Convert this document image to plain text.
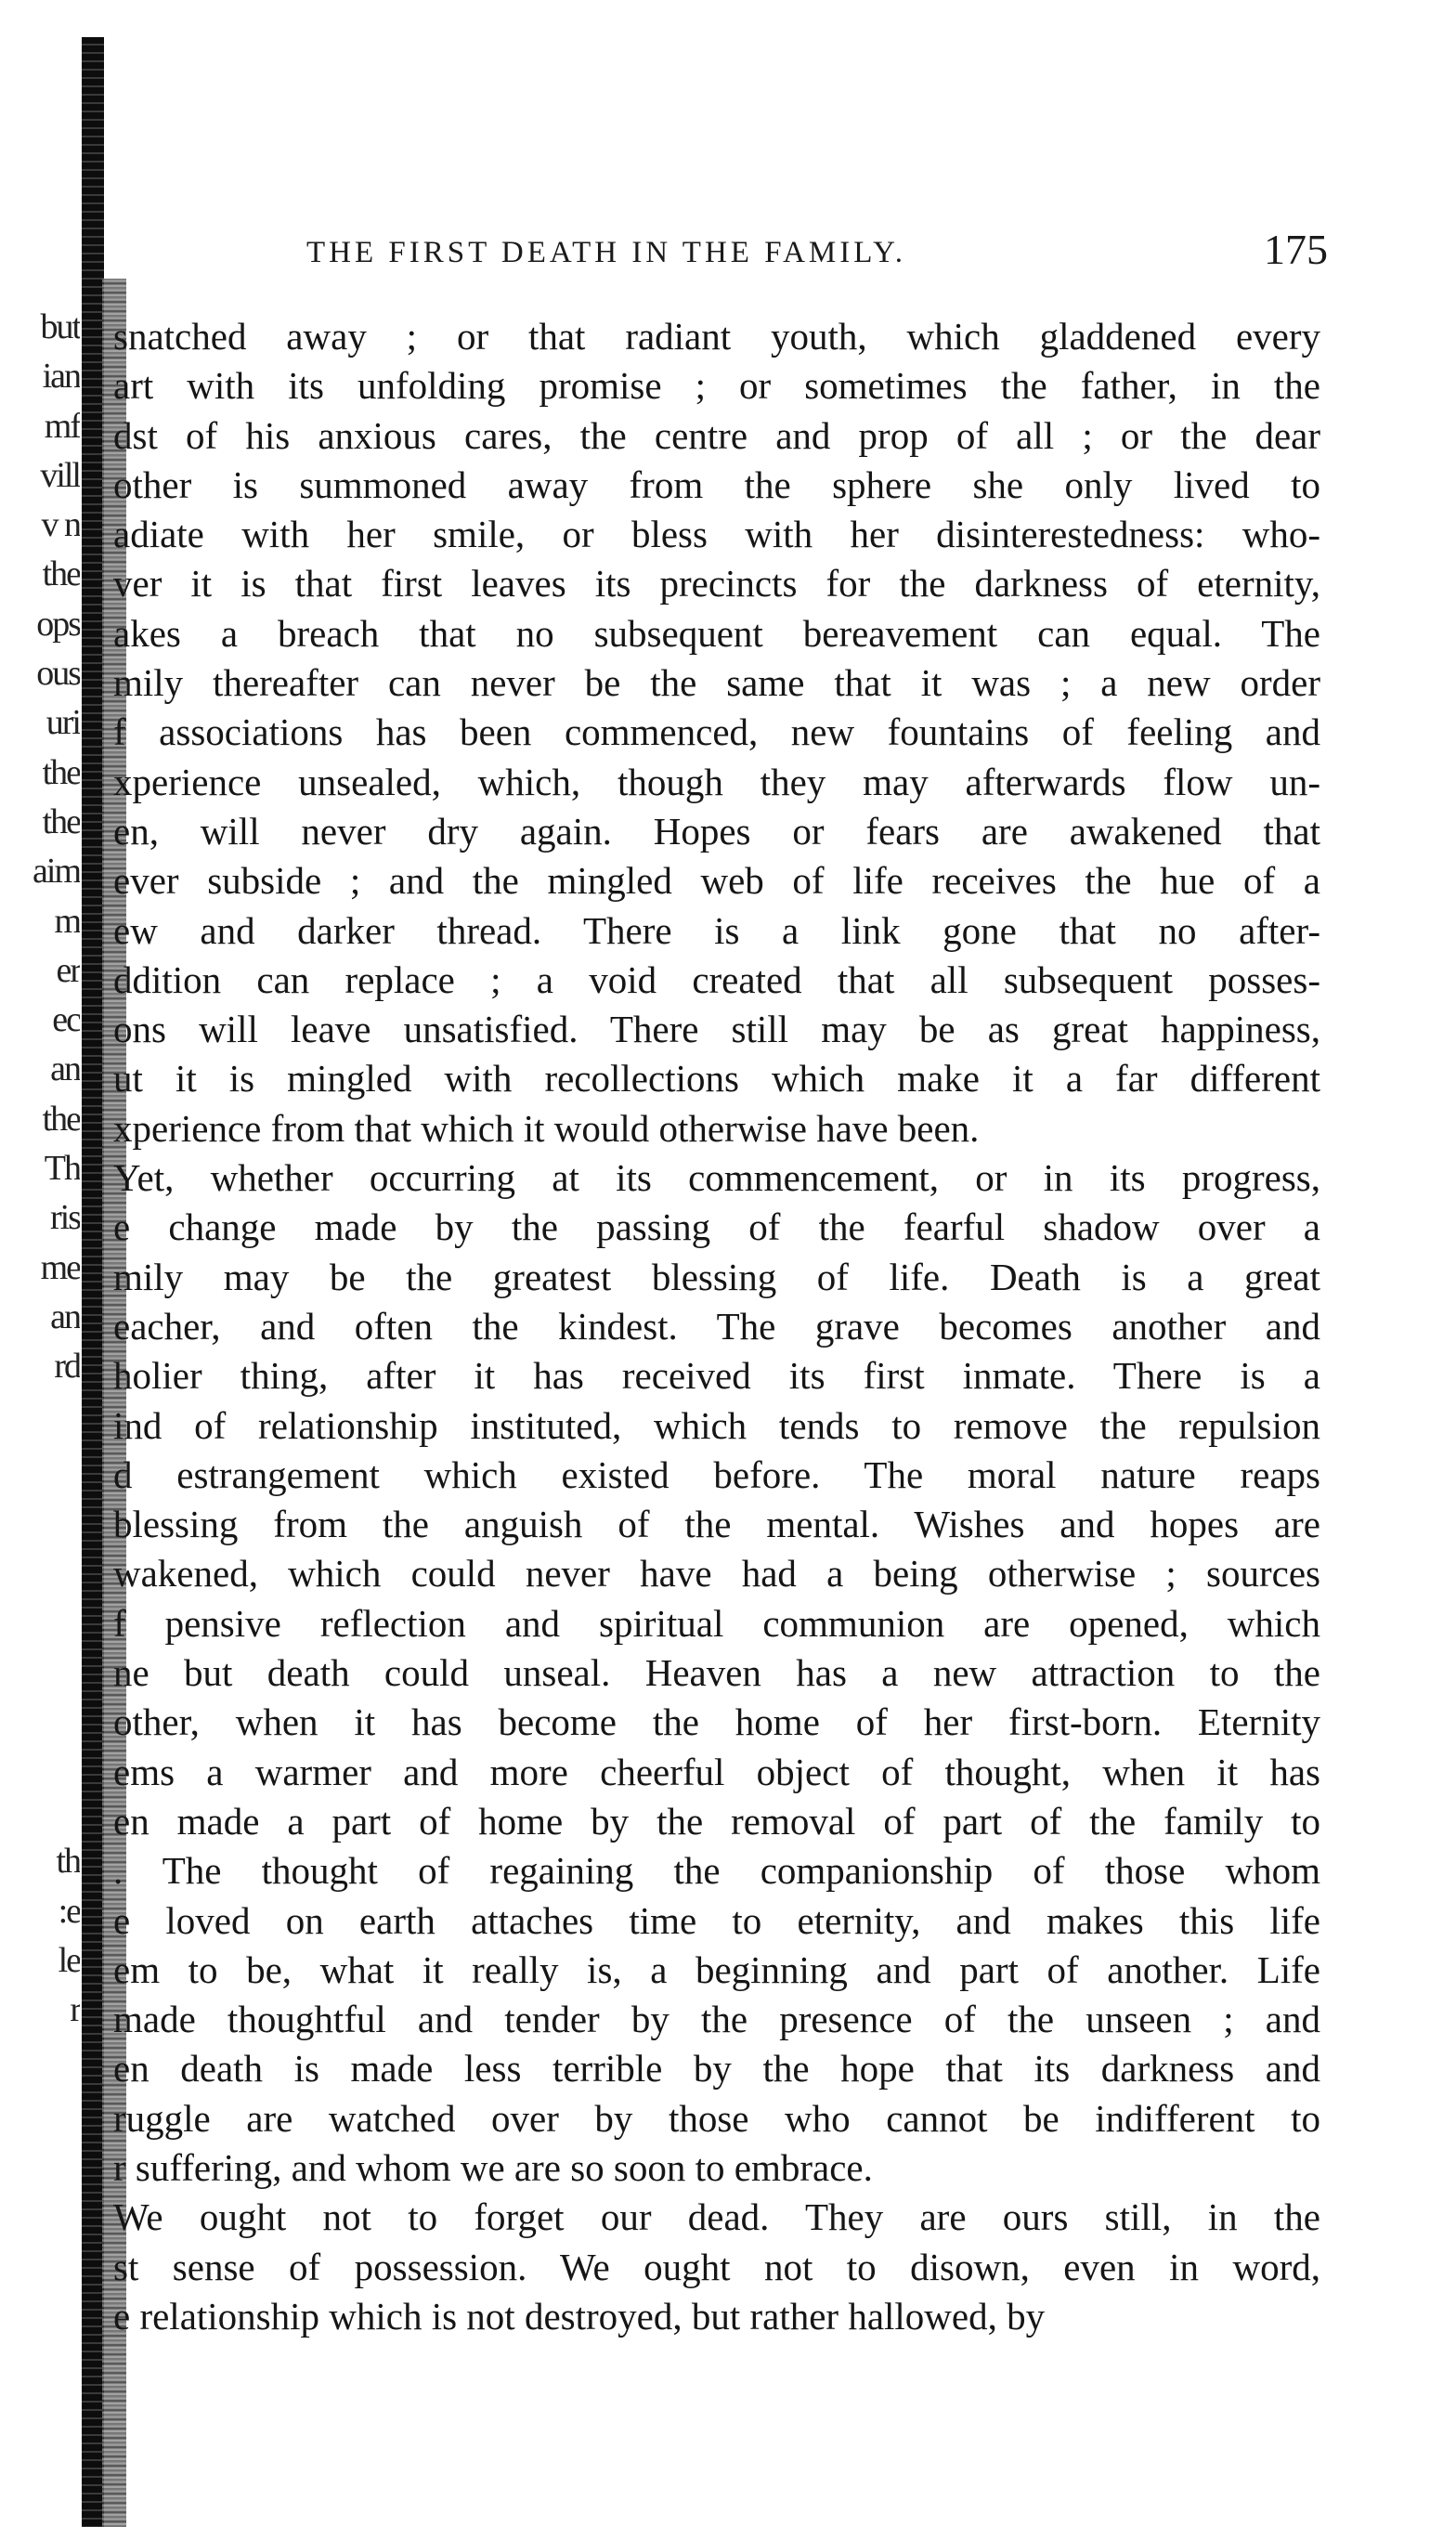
but
ian
mf
vill
v n
the
ops
ous
uri
the
the
aim
m
er
ec
an
the
Th
ris
me
an
rd
th
:e
le
r
THE FIRST DEATH IN THE FAMILY.	175
snatched away ; or that radiant youth, which gladdened every
art with its unfolding promise ; or sometimes the father, in the
dst of his anxious cares, the centre and prop of all ; or the dear
other is summoned away from the sphere she only lived to
adiate with her smile, or bless with her disinterestedness: who-
ver it is that first leaves its precincts for the darkness of eternity,
akes a breach that no subsequent bereavement can equal. The
mily thereafter can never be the same that it was ; a new order
f associations has been commenced, new fountains of feeling and
xperience unsealed, which, though they may afterwards flow un-
en, will never dry again. Hopes or fears are awakened that
ever subside ; and the mingled web of life receives the hue of a
ew and darker thread. There is a link gone that no after-
ddition can replace ; a void created that all subsequent posses-
ons will leave unsatisfied. There still may be as great happiness,
ut it is mingled with recollections which make it a far different
xperience from that which it would otherwise have been.
Yet, whether occurring at its commencement, or in its progress,
e change made by the passing of the fearful shadow over a
mily may be the greatest blessing of life. Death is a great
eacher, and often the kindest. The grave becomes another and
holier thing, after it has received its first inmate. There is a
ind of relationship instituted, which tends to remove the repulsion
d estrangement which existed before. The moral nature reaps
blessing from the anguish of the mental. Wishes and hopes are
wakened, which could never have had a being otherwise ; sources
f pensive reflection and spiritual communion are opened, which
ne but death could unseal. Heaven has a new attraction to the
other, when it has become the home of her first-born. Eternity
ems a warmer and more cheerful object of thought, when it has
en made a part of home by the removal of part of the family to
. The thought of regaining the companionship of those whom
e loved on earth attaches time to eternity, and makes this life
em to be, what it really is, a beginning and part of another. Life
made thoughtful and tender by the presence of the unseen ; and
en death is made less terrible by the hope that its darkness and
ruggle are watched over by those who cannot be indifferent to
r suffering, and whom we are so soon to embrace.
We ought not to forget our dead. They are ours still, in the
st sense of possession. We ought not to disown, even in word,
e relationship which is not destroyed, but rather hallowed, by
